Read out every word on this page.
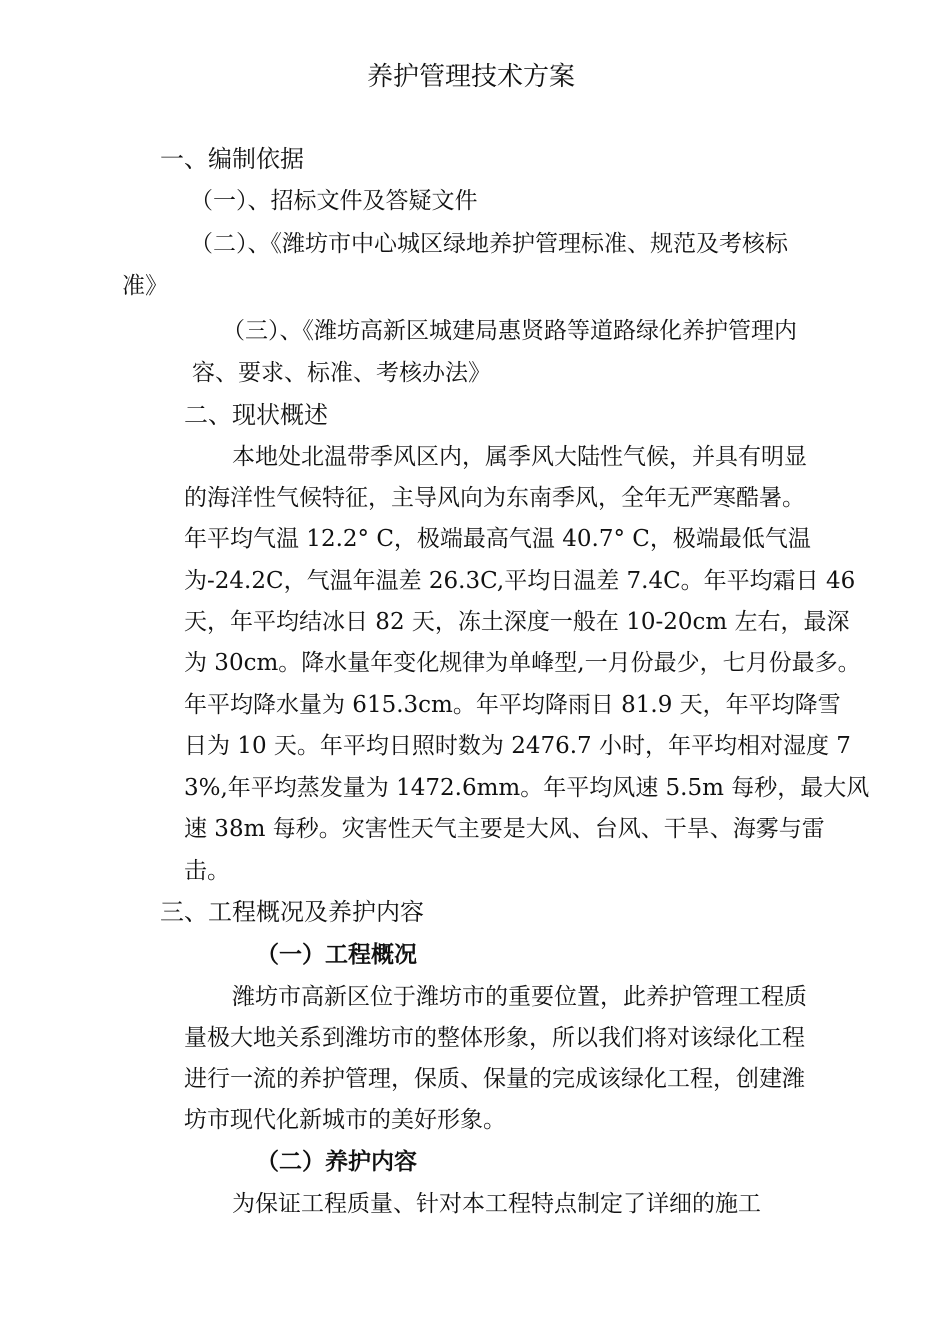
养护管理技术方案
一、编制依据
（一）、招标文件及答疑文件
（二）、《潍坊市中心城区绿地养护管理标准、规范及考核标
准》
（三）、《潍坊高新区城建局惠贤路等道路绿化养护管理内
容、要求、标准、考核办法》
二、现状概述
本地处北温带季风区内，属季风大陆性气候，并具有明显
的海洋性气候特征，主导风向为东南季风，全年无严寒酷暑。
年平均气温 12.2° C，极端最高气温 40.7° C，极端最低气温
为-24.2C，气温年温差 26.3C,平均日温差 7.4C。年平均霜日 46
天，年平均结冰日 82 天，冻土深度一般在 10-20cm 左右，最深
为 30cm。降水量年变化规律为单峰型,一月份最少，七月份最多。
年平均降水量为 615.3cm。年平均降雨日 81.9 天，年平均降雪
日为 10 天。年平均日照时数为 2476.7 小时，年平均相对湿度 7
3%,年平均蒸发量为 1472.6mm。年平均风速 5.5m 每秒，最大风
速 38m 每秒。灾害性天气主要是大风、台风、干旱、海雾与雷
击。
三、工程概况及养护内容
（一）工程概况
潍坊市高新区位于潍坊市的重要位置，此养护管理工程质
量极大地关系到潍坊市的整体形象，所以我们将对该绿化工程
进行一流的养护管理，保质、保量的完成该绿化工程，创建潍
坊市现代化新城市的美好形象。
（二）养护内容
为保证工程质量、针对本工程特点制定了详细的施工
